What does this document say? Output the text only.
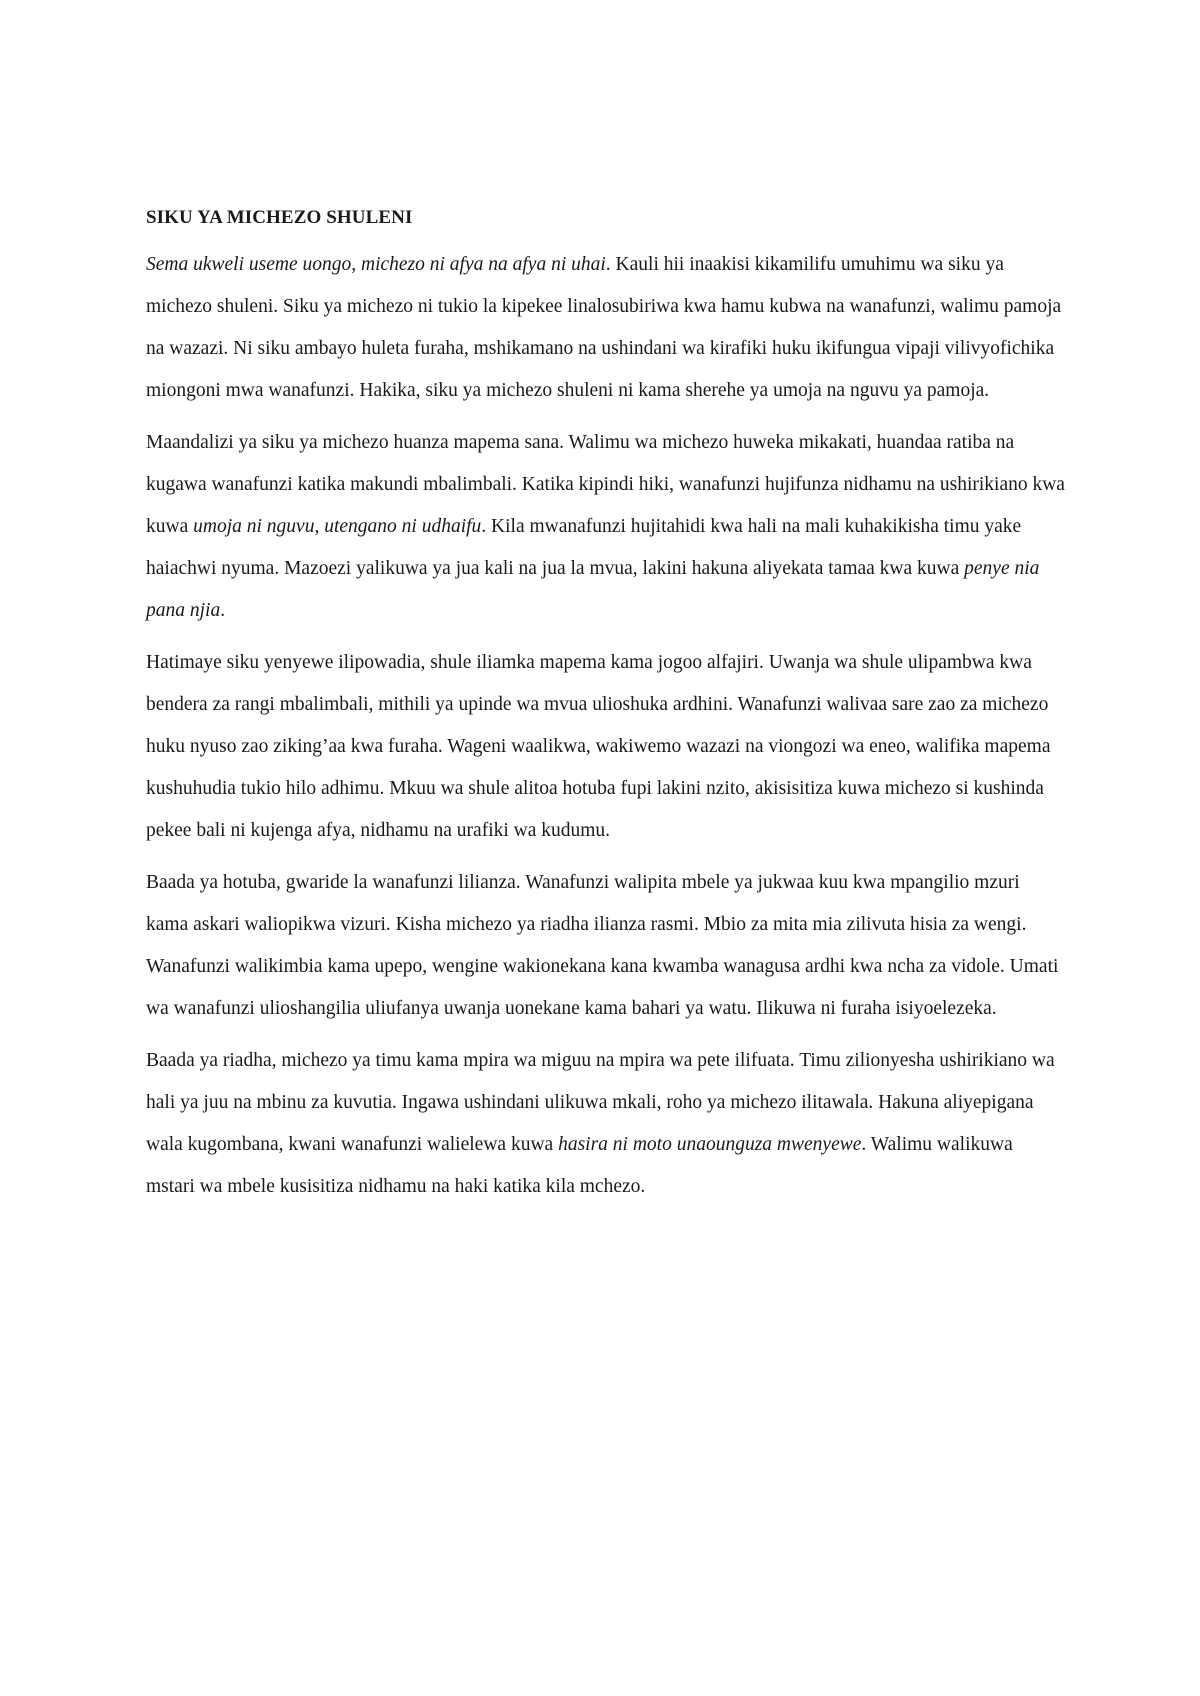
SIKU YA MICHEZO SHULENI

Sema ukweli useme uongo, michezo ni afya na afya ni uhai. Kauli hii inaakisi kikamilifu umuhimu wa siku ya michezo shuleni. Siku ya michezo ni tukio la kipekee linalosubiriwa kwa hamu kubwa na wanafunzi, walimu pamoja na wazazi. Ni siku ambayo huleta furaha, mshikamano na ushindani wa kirafiki huku ikifungua vipaji vilivyofichika miongoni mwa wanafunzi. Hakika, siku ya michezo shuleni ni kama sherehe ya umoja na nguvu ya pamoja.

Maandalizi ya siku ya michezo huanza mapema sana. Walimu wa michezo huweka mikakati, huandaa ratiba na kugawa wanafunzi katika makundi mbalimbali. Katika kipindi hiki, wanafunzi hujifunza nidhamu na ushirikiano kwa kuwa umoja ni nguvu, utengano ni udhaifu. Kila mwanafunzi hujitahidi kwa hali na mali kuhakikisha timu yake haiachwi nyuma. Mazoezi yalikuwa ya jua kali na jua la mvua, lakini hakuna aliyekata tamaa kwa kuwa penye nia pana njia.

Hatimaye siku yenyewe ilipowadia, shule iliamka mapema kama jogoo alfajiri. Uwanja wa shule ulipambwa kwa bendera za rangi mbalimbali, mithili ya upinde wa mvua ulioshuka ardhini. Wanafunzi walivaa sare zao za michezo huku nyuso zao ziking’aa kwa furaha. Wageni waalikwa, wakiwemo wazazi na viongozi wa eneo, walifika mapema kushuhudia tukio hilo adhimu. Mkuu wa shule alitoa hotuba fupi lakini nzito, akisisitiza kuwa michezo si kushinda pekee bali ni kujenga afya, nidhamu na urafiki wa kudumu.

Baada ya hotuba, gwaride la wanafunzi lilianza. Wanafunzi walipita mbele ya jukwaa kuu kwa mpangilio mzuri kama askari waliopikwa vizuri. Kisha michezo ya riadha ilianza rasmi. Mbio za mita mia zilivuta hisia za wengi. Wanafunzi walikimbia kama upepo, wengine wakionekana kana kwamba wanagusa ardhi kwa ncha za vidole. Umati wa wanafunzi ulioshangilia uliufanya uwanja uonekane kama bahari ya watu. Ilikuwa ni furaha isiyoelezeka.

Baada ya riadha, michezo ya timu kama mpira wa miguu na mpira wa pete ilifuata. Timu zilionyesha ushirikiano wa hali ya juu na mbinu za kuvutia. Ingawa ushindani ulikuwa mkali, roho ya michezo ilitawala. Hakuna aliyepigana wala kugombana, kwani wanafunzi walielewa kuwa hasira ni moto unaounguza mwenyewe. Walimu walikuwa mstari wa mbele kusisitiza nidhamu na haki katika kila mchezo.
